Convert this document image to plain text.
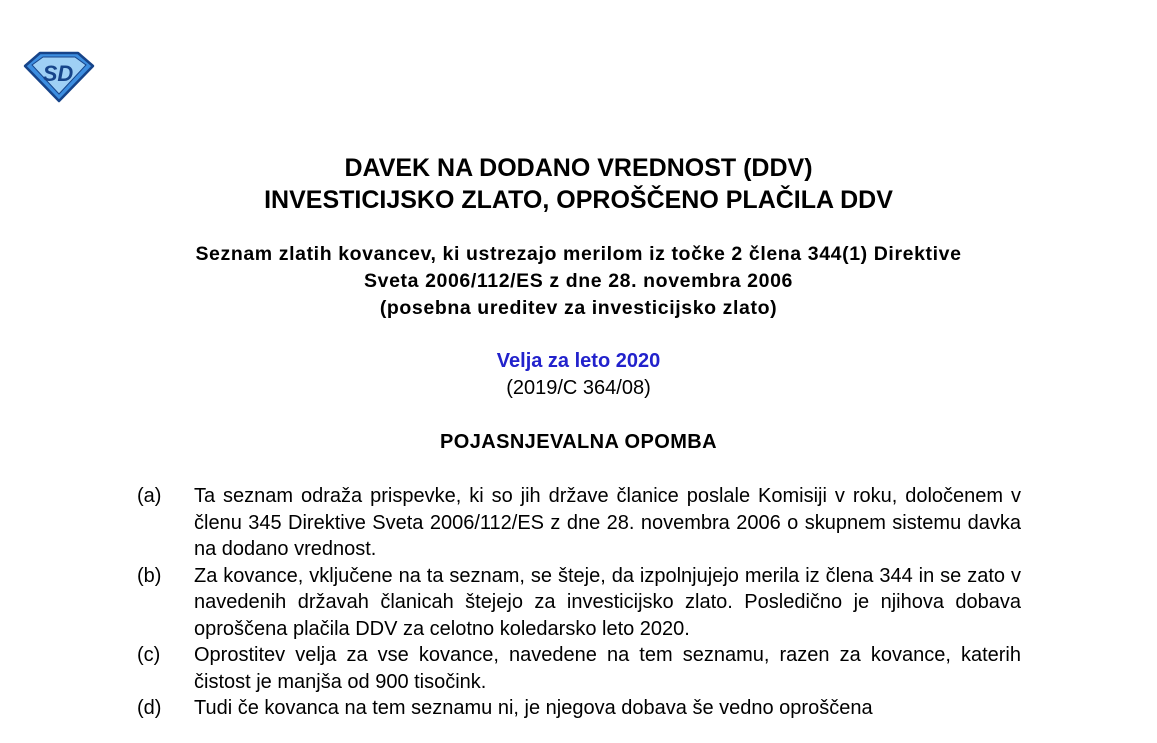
SD
DAVEK NA DODANO VREDNOST (DDV)
INVESTICIJSKO ZLATO, OPROŠČENO PLAČILA DDV
Seznam zlatih kovancev, ki ustrezajo merilom iz točke 2 člena 344(1) Direktive
Sveta 2006/112/ES z dne 28. novembra 2006
(posebna ureditev za investicijsko zlato)
Velja za leto 2020
(2019/C 364/08)
POJASNJEVALNA OPOMBA
(a) Ta seznam odraža prispevke, ki so jih države članice poslale Komisiji v roku, določenem v členu 345 Direktive Sveta 2006/112/ES z dne 28. novembra 2006 o skupnem sistemu davka na dodano vrednost.
(b) Za kovance, vključene na ta seznam, se šteje, da izpolnjujejo merila iz člena 344 in se zato v navedenih državah članicah štejejo za investicijsko zlato. Posledično je njihova dobava oproščena plačila DDV za celotno koledarsko leto 2020.
(c) Oprostitev velja za vse kovance, navedene na tem seznamu, razen za kovance, katerih čistost je manjša od 900 tisočink.
(d) Tudi če kovanca na tem seznamu ni, je njegova dobava še vedno oproščena
